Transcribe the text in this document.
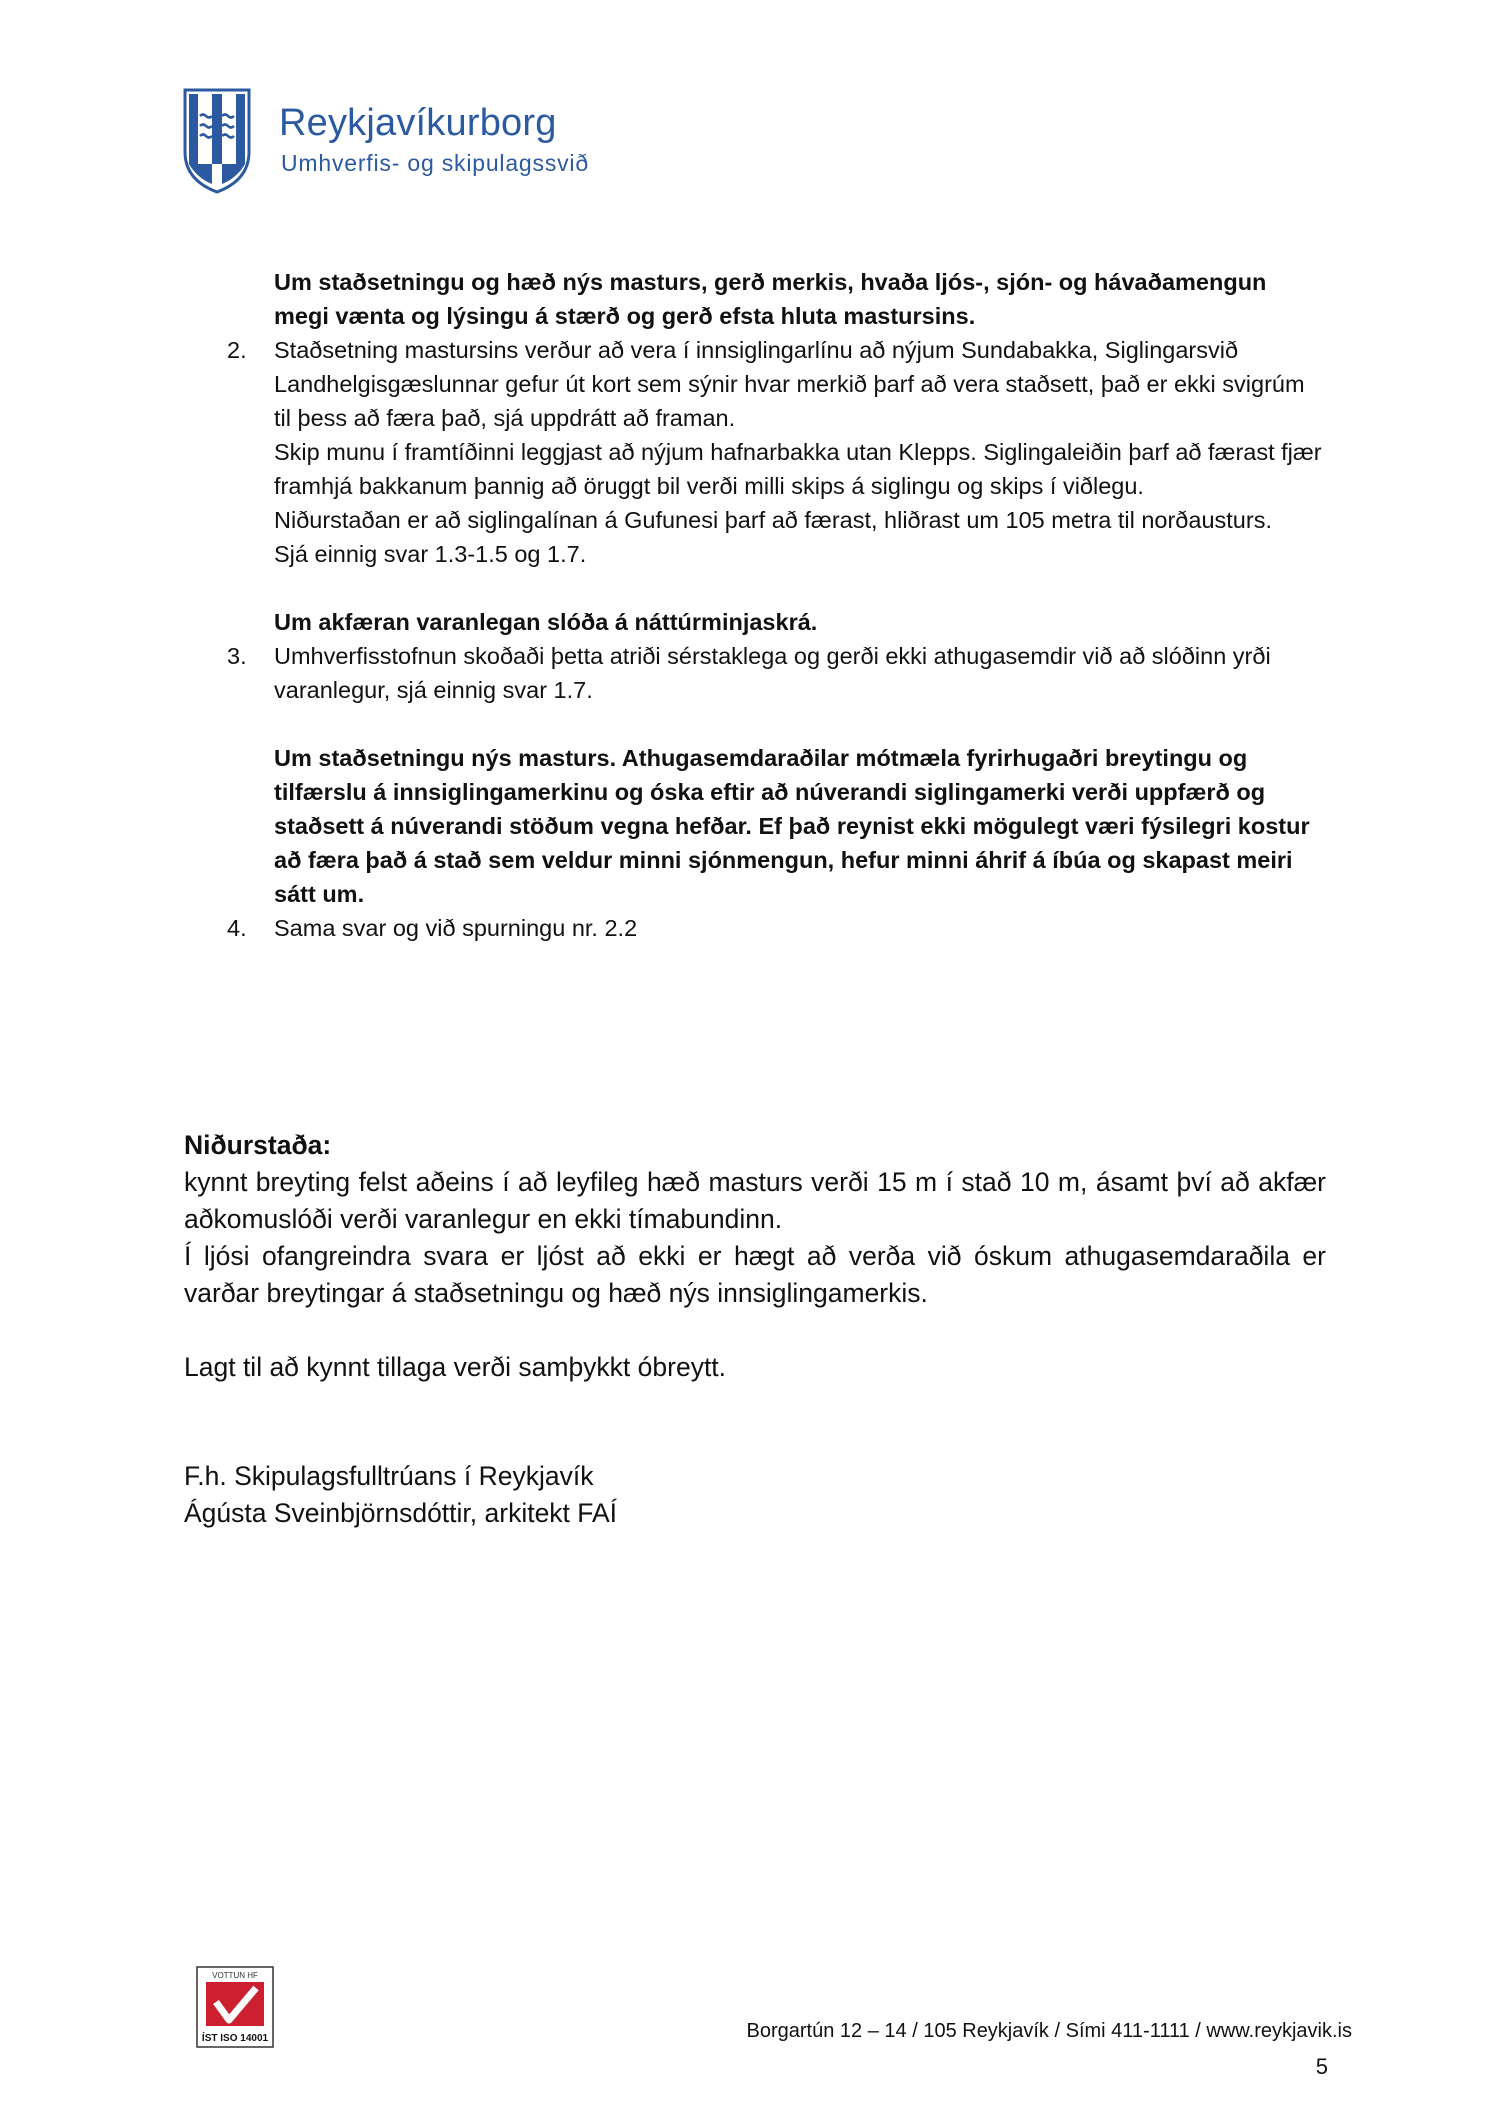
Reykjavíkurborg
Umhverfis- og skipulagssvið
Um staðsetningu og hæð nýs masturs, gerð merkis, hvaða ljós-, sjón- og hávaðamengun megi vænta og lýsingu á stærð og gerð efsta hluta mastursins.
2. Staðsetning mastursins verður að vera í innsiglingarlínu að nýjum Sundabakka, Siglingarsvið Landhelgisgæslunnar gefur út kort sem sýnir hvar merkið þarf að vera staðsett, það er ekki svigrúm til þess að færa það, sjá uppdrátt að framan.
Skip munu í framtíðinni leggjast að nýjum hafnarbakka utan Klepps. Siglingaleiðin þarf að færast fjær framhjá bakkanum þannig að öruggt bil verði milli skips á siglingu og skips í viðlegu.
Niðurstaðan er að siglingalínan á Gufunesi þarf að færast, hliðrast um 105 metra til norðausturs.
Sjá einnig svar 1.3-1.5 og 1.7.
Um akfæran varanlegan slóða á náttúrminjaskrá.
3. Umhverfisstofnun skoðaði þetta atriði sérstaklega og gerði ekki athugasemdir við að slóðinn yrði varanlegur, sjá einnig svar 1.7.
Um staðsetningu nýs masturs. Athugasemdaraðilar mótmæla fyrirhugaðri breytingu og tilfærslu á innsiglingamerkinu og óska eftir að núverandi siglingamerki verði uppfærð og staðsett á núverandi stöðum vegna hefðar. Ef það reynist ekki mögulegt væri fýsilegri kostur að færa það á stað sem veldur minni sjónmengun, hefur minni áhrif á íbúa og skapast meiri sátt um.
4. Sama svar og við spurningu nr. 2.2
Niðurstaða:
kynnt breyting felst aðeins í að leyfileg hæð masturs verði 15 m í stað 10 m, ásamt því að akfær aðkomuslóði verði varanlegur en ekki tímabundinn.
Í ljósi ofangreindra svara er ljóst að ekki er hægt að verða við óskum athugasemdaraðila er varðar breytingar á staðsetningu og hæð nýs innsiglingamerkis.
Lagt til að kynnt tillaga verði samþykkt óbreytt.
F.h. Skipulagsfulltrúans í Reykjavík
Ágústa Sveinbjörnsdóttir, arkitekt FAÍ
VOTTUN HF
ÍST ISO 14001	Borgartún 12 – 14 / 105 Reykjavík / Sími 411-1111 / www.reykjavik.is
5
